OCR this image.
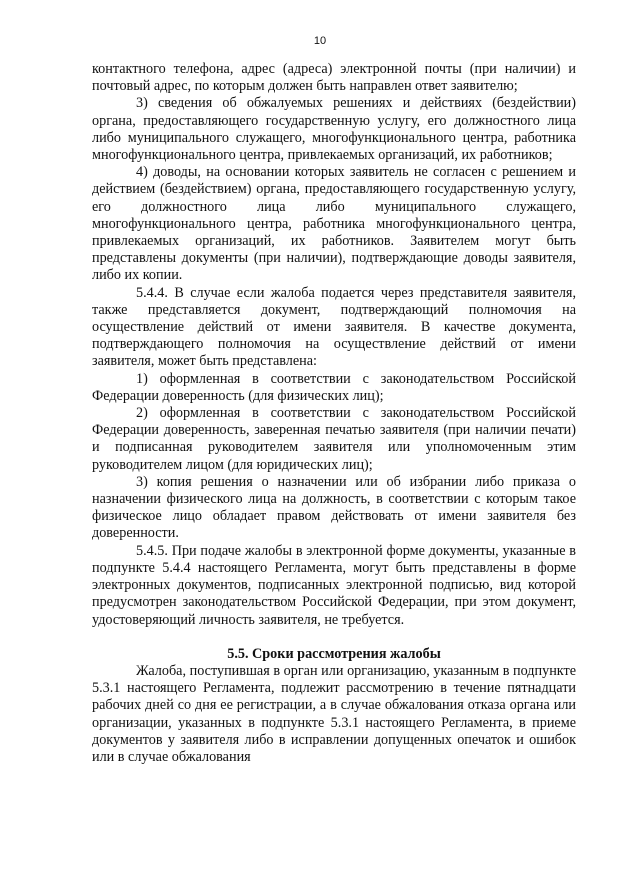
10

контактного телефона, адрес (адреса) электронной почты (при наличии) и почтовый адрес, по которым должен быть направлен ответ заявителю;

3) сведения об обжалуемых решениях и действиях (бездействии) органа, предоставляющего государственную услугу, его должностного лица либо муниципального служащего, многофункционального центра, работника многофункционального центра, привлекаемых организаций, их работников;

4) доводы, на основании которых заявитель не согласен с решением и действием (бездействием) органа, предоставляющего государственную услугу, его должностного лица либо муниципального служащего, многофункционального центра, работника многофункционального центра, привлекаемых организаций, их работников. Заявителем могут быть представлены документы (при наличии), подтверждающие доводы заявителя, либо их копии.

5.4.4. В случае если жалоба подается через представителя заявителя, также представляется документ, подтверждающий полномочия на осуществление действий от имени заявителя. В качестве документа, подтверждающего полномочия на осуществление действий от имени заявителя, может быть представлена:

1) оформленная в соответствии с законодательством Российской Федерации доверенность (для физических лиц);

2) оформленная в соответствии с законодательством Российской Федерации доверенность, заверенная печатью заявителя (при наличии печати) и подписанная руководителем заявителя или уполномоченным этим руководителем лицом (для юридических лиц);

3) копия решения о назначении или об избрании либо приказа о назначении физического лица на должность, в соответствии с которым такое физическое лицо обладает правом действовать от имени заявителя без доверенности.

5.4.5. При подаче жалобы в электронной форме документы, указанные в подпункте 5.4.4 настоящего Регламента, могут быть представлены в форме электронных документов, подписанных электронной подписью, вид которой предусмотрен законодательством Российской Федерации, при этом документ, удостоверяющий личность заявителя, не требуется.

5.5. Сроки рассмотрения жалобы

Жалоба, поступившая в орган или организацию, указанным в подпункте 5.3.1 настоящего Регламента, подлежит рассмотрению в течение пятнадцати рабочих дней со дня ее регистрации, а в случае обжалования отказа органа или организации, указанных в подпункте 5.3.1 настоящего Регламента, в приеме документов у заявителя либо в исправлении допущенных опечаток и ошибок или в случае обжалования
